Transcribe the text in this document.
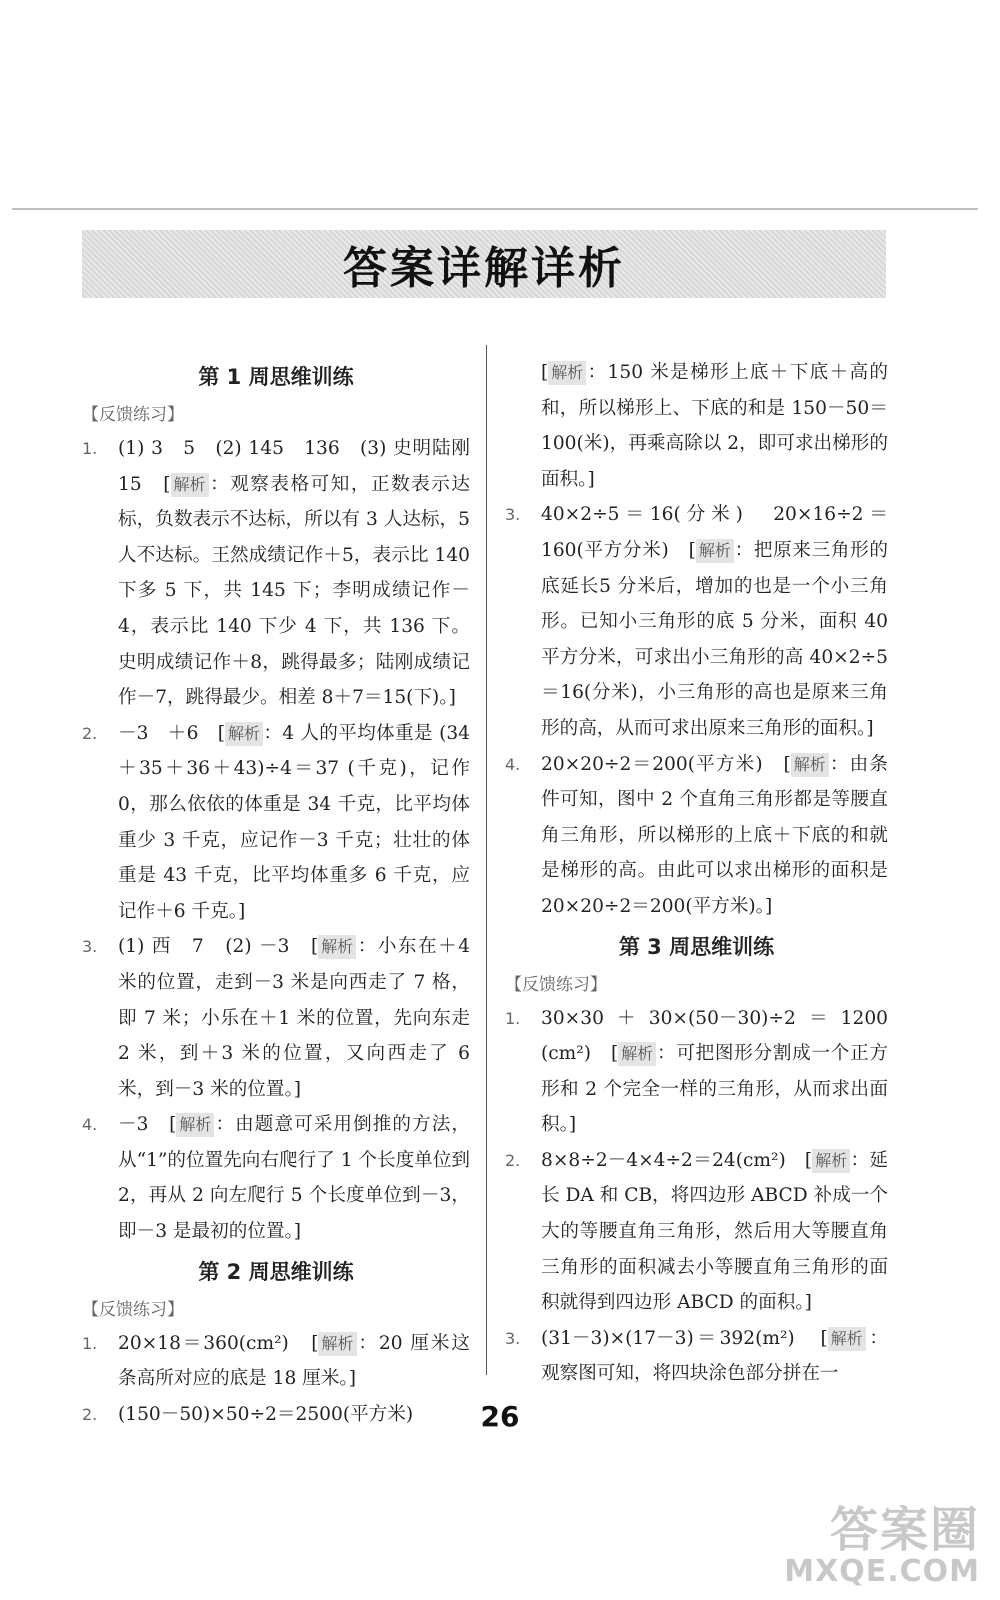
答案详解详析
第 1 周思维训练
【反馈练习】
1. (1) 3　5　(2) 145　136　(3) 史明陆刚　15　[ 解析 ：观察表格可知，正数表示达标，负数表示不达标，所以有 3 人达标，5 人不达标。王然成绩记作＋5，表示比 140 下多 5 下，共 145 下；李明成绩记作－4，表示比 140 下少 4 下，共 136 下。史明成绩记作＋8，跳得最多；陆刚成绩记作－7，跳得最少。相差 8＋7＝15(下)。]
2. －3　＋6　[ 解析 ：4 人的平均体重是 (34＋35＋36＋43)÷4＝37 (千克)，记作 0，那么依依的体重是 34 千克，比平均体重少 3 千克，应记作－3 千克；壮壮的体重是 43 千克，比平均体重多 6 千克，应记作＋6 千克。]
3. (1) 西　7　(2) －3　[ 解析 ：小东在＋4 米的位置，走到－3 米是向西走了 7 格，即 7 米；小乐在＋1 米的位置，先向东走 2 米，到＋3 米的位置，又向西走了 6 米，到－3 米的位置。]
4. －3　[ 解析 ：由题意可采用倒推的方法，从“1”的位置先向右爬行了 1 个长度单位到 2，再从 2 向左爬行 5 个长度单位到－3，即－3 是最初的位置。]
第 2 周思维训练
【反馈练习】
1. 20×18＝360(cm²)　[ 解析 ：20 厘米这条高所对应的底是 18 厘米。]
2. (150－50)×50÷2＝2500(平方米)
[ 解析 ：150 米是梯形上底＋下底＋高的和，所以梯形上、下底的和是 150－50＝100(米)，再乘高除以 2，即可求出梯形的面积。]
3. 40×2÷5＝16(分米)　20×16÷2＝160(平方分米)　[ 解析 ：把原来三角形的底延长5 分米后，增加的也是一个小三角形。已知小三角形的底 5 分米，面积 40 平方分米，可求出小三角形的高 40×2÷5＝16(分米)，小三角形的高也是原来三角形的高，从而可求出原来三角形的面积。]
4. 20×20÷2＝200(平方米)　[ 解析 ：由条件可知，图中 2 个直角三角形都是等腰直角三角形，所以梯形的上底＋下底的和就是梯形的高。由此可以求出梯形的面积是 20×20÷2＝200(平方米)。]
第 3 周思维训练
【反馈练习】
1. 30×30＋30×(50－30)÷2＝1200 (cm²)　[ 解析 ：可把图形分割成一个正方形和 2 个完全一样的三角形，从而求出面积。]
2. 8×8÷2－4×4÷2＝24(cm²)　[ 解析 ：延长 DA 和 CB，将四边形 ABCD 补成一个大的等腰直角三角形，然后用大等腰直角三角形的面积减去小等腰直角三角形的面积就得到四边形 ABCD 的面积。]
3. (31－3)×(17－3)＝392(m²)　[ 解析 ：观察图可知，将四块涂色部分拼在一
26
答案圈
MXQE.COM
